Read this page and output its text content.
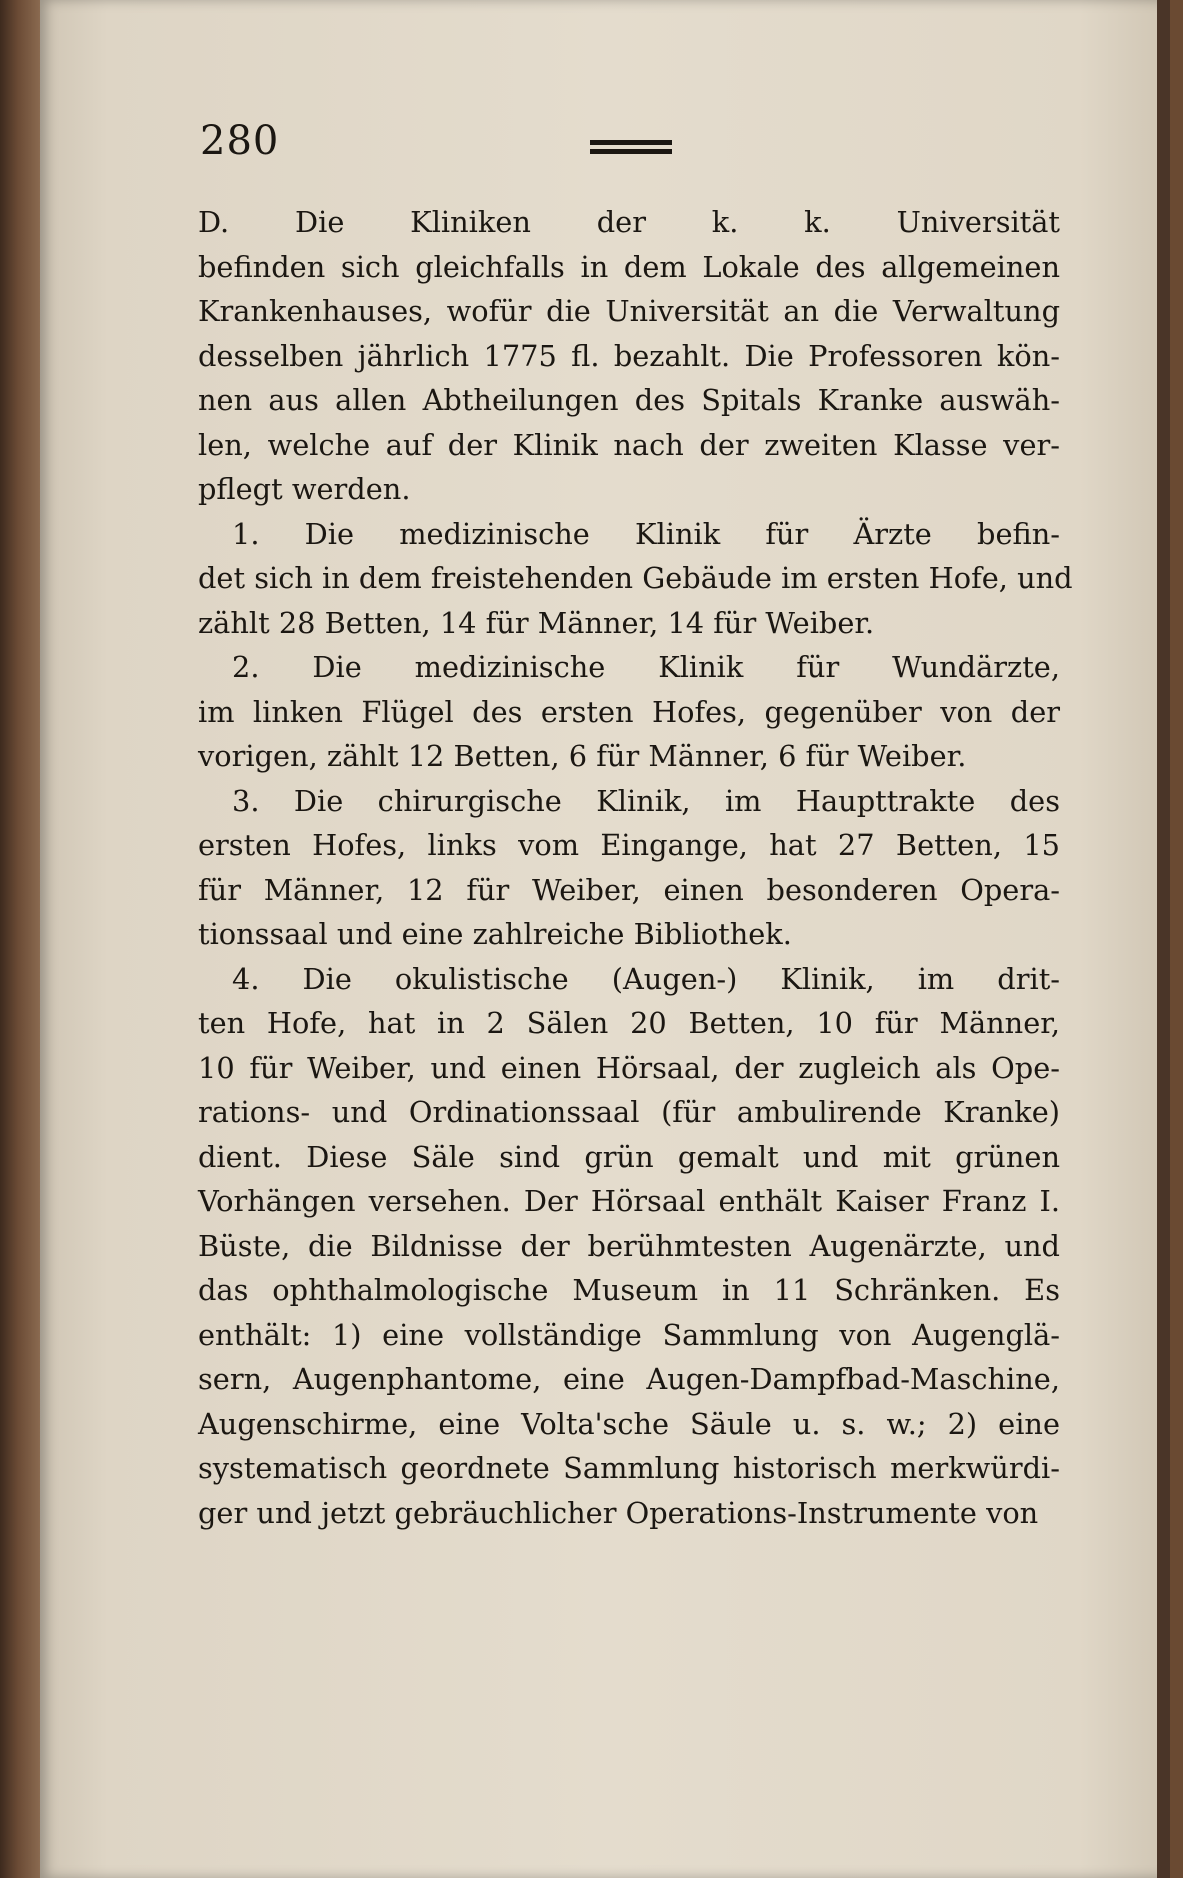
280

D. Die Kliniken der k. k. Universität
befinden sich gleichfalls in dem Lokale des allgemeinen
Krankenhauses, wofür die Universität an die Verwaltung
desselben jährlich 1775 fl. bezahlt. Die Professoren kön-
nen aus allen Abtheilungen des Spitals Kranke auswäh-
len, welche auf der Klinik nach der zweiten Klasse ver-
pflegt werden.

1. Die medizinische Klinik für Ärzte befin-
det sich in dem freistehenden Gebäude im ersten Hofe, und
zählt 28 Betten, 14 für Männer, 14 für Weiber.

2. Die medizinische Klinik für Wundärzte,
im linken Flügel des ersten Hofes, gegenüber von der
vorigen, zählt 12 Betten, 6 für Männer, 6 für Weiber.

3. Die chirurgische Klinik, im Haupttrakte des
ersten Hofes, links vom Eingange, hat 27 Betten, 15
für Männer, 12 für Weiber, einen besonderen Opera-
tionssaal und eine zahlreiche Bibliothek.

4. Die okulistische (Augen-) Klinik, im drit-
ten Hofe, hat in 2 Sälen 20 Betten, 10 für Männer,
10 für Weiber, und einen Hörsaal, der zugleich als Ope-
rations- und Ordinationssaal (für ambulirende Kranke)
dient. Diese Säle sind grün gemalt und mit grünen
Vorhängen versehen. Der Hörsaal enthält Kaiser Franz I.
Büste, die Bildnisse der berühmtesten Augenärzte, und
das ophthalmologische Museum in 11 Schränken. Es
enthält: 1) eine vollständige Sammlung von Augenglä-
sern, Augenphantome, eine Augen-Dampfbad-Maschine,
Augenschirme, eine Volta'sche Säule u. s. w.; 2) eine
systematisch geordnete Sammlung historisch merkwürdi-
ger und jetzt gebräuchlicher Operations-Instrumente von
